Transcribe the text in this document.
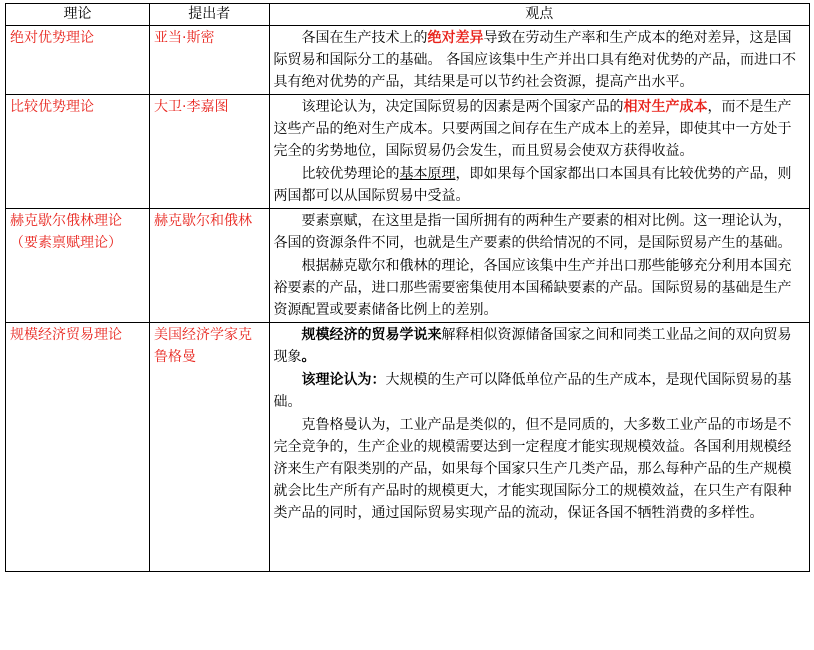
理论	提出者	观点
绝对优势理论	亚当·斯密	各国在生产技术上的绝对差异导致在劳动生产率和生产成本的绝对差异，这是国际贸易和国际分工的基础。 各国应该集中生产并出口具有绝对优势的产品，而进口不具有绝对优势的产品，其结果是可以节约社会资源，提高产出水平。

比较优势理论	大卫·李嘉图	该理论认为，决定国际贸易的因素是两个国家产品的相对生产成本，而不是生产这些产品的绝对生产成本。只要两国之间存在生产成本上的差异，即使其中一方处于完全的劣势地位，国际贸易仍会发生，而且贸易会使双方获得收益。

比较优势理论的基本原理，即如果每个国家都出口本国具有比较优势的产品，则两国都可以从国际贸易中受益。

赫克歇尔俄林理论（要素禀赋理论）	赫克歇尔和俄林	要素禀赋，在这里是指一国所拥有的两种生产要素的相对比例。这一理论认为，各国的资源条件不同，也就是生产要素的供给情况的不同，是国际贸易产生的基础。

根据赫克歇尔和俄林的理论，各国应该集中生产并出口那些能够充分利用本国充裕要素的产品，进口那些需要密集使用本国稀缺要素的产品。国际贸易的基础是生产资源配置或要素储备比例上的差别。

规模经济贸易理论	美国经济学家克鲁格曼	规模经济的贸易学说来解释相似资源储备国家之间和同类工业品之间的双向贸易现象。

该理论认为：大规模的生产可以降低单位产品的生产成本，是现代国际贸易的基础。

克鲁格曼认为，工业产品是类似的，但不是同质的，大多数工业产品的市场是不完全竞争的，生产企业的规模需要达到一定程度才能实现规模效益。各国利用规模经济来生产有限类别的产品，如果每个国家只生产几类产品，那么每种产品的生产规模就会比生产所有产品时的规模更大，才能实现国际分工的规模效益，在只生产有限种类产品的同时，通过国际贸易实现产品的流动，保证各国不牺牲消费的多样性。
